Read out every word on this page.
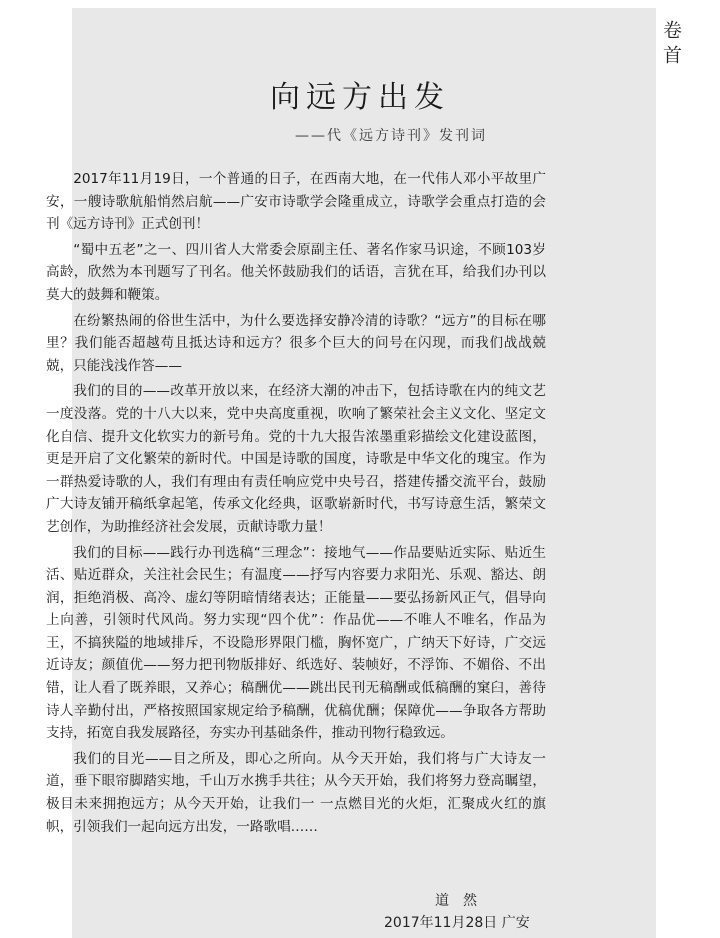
卷首
向远方出发
——代《远方诗刊》发刊词

2017年11月19日，一个普通的日子，在西南大地，在一代伟人邓小平故里广安，一艘诗歌航船悄然启航——广安市诗歌学会隆重成立，诗歌学会重点打造的会刊《远方诗刊》正式创刊！

“蜀中五老”之一、四川省人大常委会原副主任、著名作家马识途，不顾103岁高龄，欣然为本刊题写了刊名。他关怀鼓励我们的话语，言犹在耳，给我们办刊以莫大的鼓舞和鞭策。

在纷繁热闹的俗世生活中，为什么要选择安静冷清的诗歌？“远方”的目标在哪里？我们能否超越苟且抵达诗和远方？很多个巨大的问号在闪现，而我们战战兢兢，只能浅浅作答——

我们的目的——改革开放以来，在经济大潮的冲击下，包括诗歌在内的纯文艺一度没落。党的十八大以来，党中央高度重视，吹响了繁荣社会主义文化、坚定文化自信、提升文化软实力的新号角。党的十九大报告浓墨重彩描绘文化建设蓝图，更是开启了文化繁荣的新时代。中国是诗歌的国度，诗歌是中华文化的瑰宝。作为一群热爱诗歌的人，我们有理由有责任响应党中央号召，搭建传播交流平台，鼓励广大诗友铺开稿纸拿起笔，传承文化经典，讴歌崭新时代，书写诗意生活，繁荣文艺创作，为助推经济社会发展，贡献诗歌力量！

我们的目标——践行办刊选稿“三理念”：接地气——作品要贴近实际、贴近生活、贴近群众，关注社会民生；有温度——抒写内容要力求阳光、乐观、豁达、朗润，拒绝消极、高冷、虚幻等阴暗情绪表达；正能量——要弘扬新风正气，倡导向上向善，引领时代风尚。努力实现“四个优”：作品优——不唯人不唯名，作品为王，不搞狭隘的地域排斥，不设隐形界限门槛，胸怀宽广，广纳天下好诗，广交远近诗友；颜值优——努力把刊物版排好、纸选好、装帧好，不浮饰、不媚俗、不出错，让人看了既养眼，又养心；稿酬优——跳出民刊无稿酬或低稿酬的窠臼，善待诗人辛勤付出，严格按照国家规定给予稿酬，优稿优酬；保障优——争取各方帮助支持，拓宽自我发展路径，夯实办刊基础条件，推动刊物行稳致远。

我们的目光——目之所及，即心之所向。从今天开始，我们将与广大诗友一道，垂下眼帘脚踏实地，千山万水携手共往；从今天开始，我们将努力登高瞩望，极目未来拥抱远方；从今天开始，让我们一 一点燃目光的火炬，汇聚成火红的旗帜，引领我们一起向远方出发，一路歌唱……

道然
2017年11月28日 广安
